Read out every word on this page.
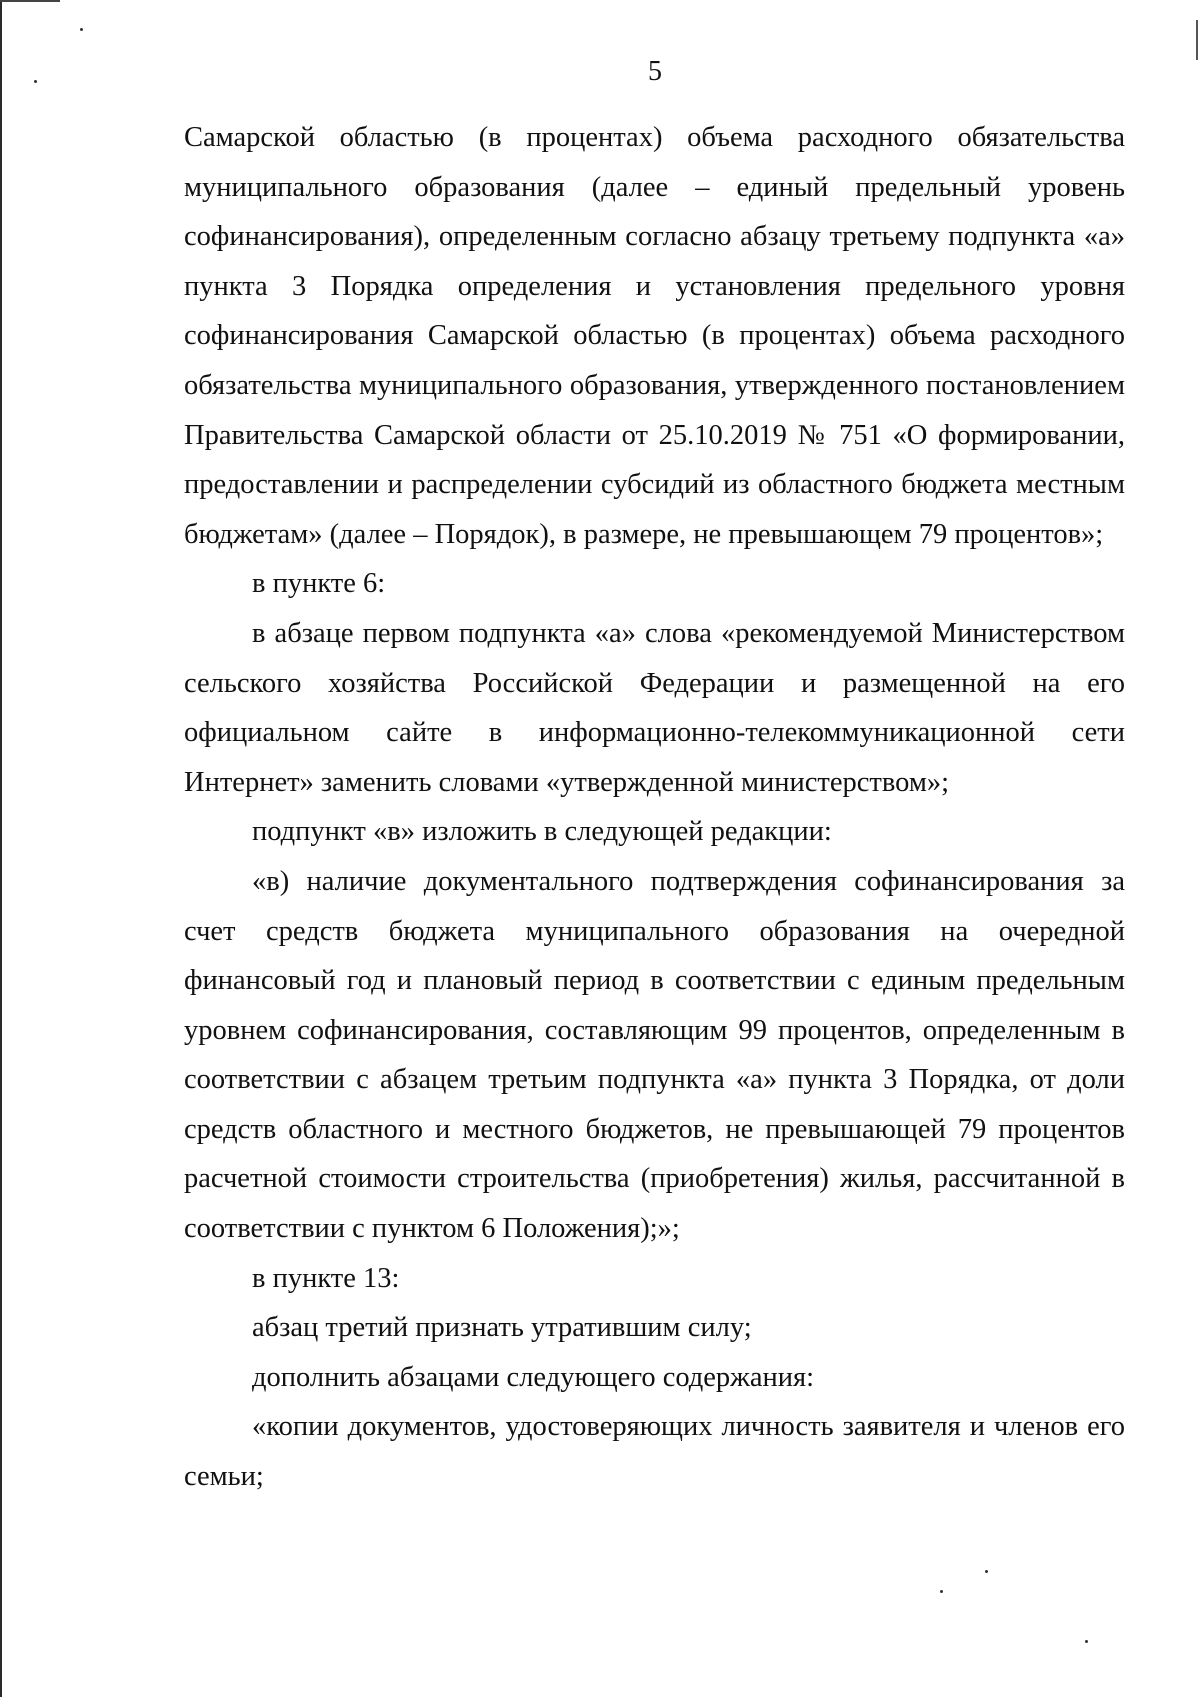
5

Самарской областью (в процентах) объема расходного обязательства муниципального образования (далее – единый предельный уровень софинансирования), определенным согласно абзацу третьему подпункта «а» пункта 3 Порядка определения и установления предельного уровня софинансирования Самарской областью (в процентах) объема расходного обязательства муниципального образования, утвержденного постановлением Правительства Самарской области от 25.10.2019 № 751 «О формировании, предоставлении и распределении субсидий из областного бюджета местным бюджетам» (далее – Порядок), в размере, не превышающем 79 процентов»;

в пункте 6:

в абзаце первом подпункта «а» слова «рекомендуемой Министерством сельского хозяйства Российской Федерации и размещенной на его официальном сайте в информационно-телекоммуникационной сети Интернет» заменить словами «утвержденной министерством»;

подпункт «в» изложить в следующей редакции:

«в) наличие документального подтверждения софинансирования за счет средств бюджета муниципального образования на очередной финансовый год и плановый период в соответствии с единым предельным уровнем софинансирования, составляющим 99 процентов, определенным в соответствии с абзацем третьим подпункта «а» пункта 3 Порядка, от доли средств областного и местного бюджетов, не превышающей 79 процентов расчетной стоимости строительства (приобретения) жилья, рассчитанной в соответствии с пунктом 6 Положения);»;

в пункте 13:

абзац третий признать утратившим силу;

дополнить абзацами следующего содержания:

«копии документов, удостоверяющих личность заявителя и членов его семьи;
